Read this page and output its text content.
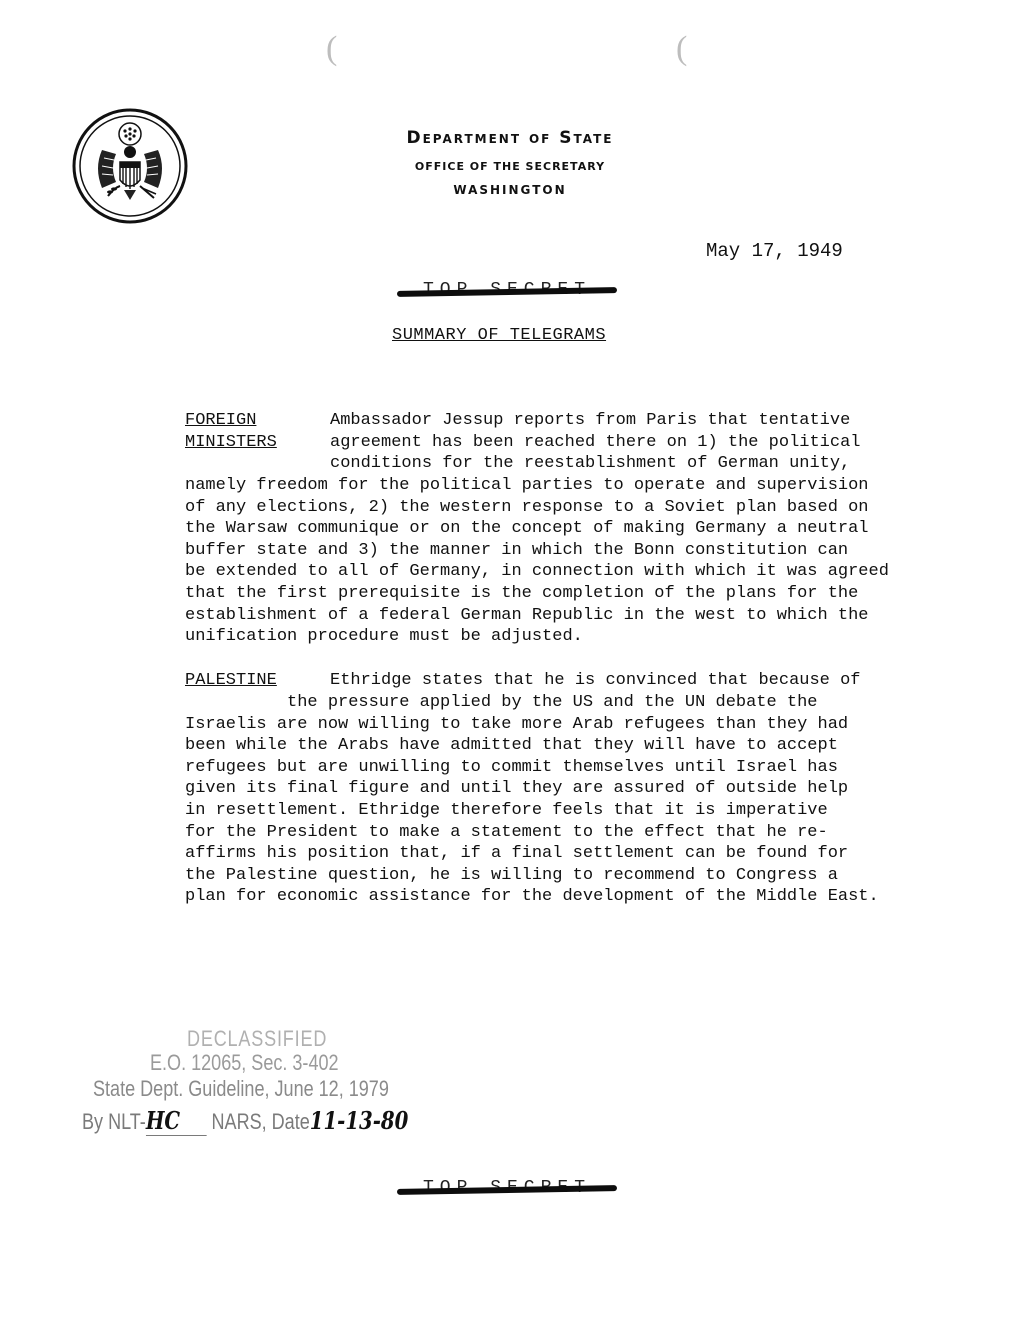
(	(
Department of State
OFFICE OF THE SECRETARY
WASHINGTON
May 17, 1949
SUMMARY OF TELEGRAMS
FOREIGN
MINISTERS
Ambassador Jessup reports from Paris that tentative
agreement has been reached there on 1) the political
conditions for the reestablishment of German unity,
namely freedom for the political parties to operate and supervision
of any elections, 2) the western response to a Soviet plan based on
the Warsaw communique or on the concept of making Germany a neutral
buffer state and 3) the manner in which the Bonn constitution can
be extended to all of Germany, in connection with which it was agreed
that the first prerequisite is the completion of the plans for the
establishment of a federal German Republic in the west to which the
unification procedure must be adjusted.
PALESTINE	Ethridge states that he is convinced that because of
the pressure applied by the US and the UN debate the
Israelis are now willing to take more Arab refugees than they had
been while the Arabs have admitted that they will have to accept
refugees but are unwilling to commit themselves until Israel has
given its final figure and until they are assured of outside help
in resettlement. Ethridge therefore feels that it is imperative
for the President to make a statement to the effect that he re-
affirms his position that, if a final settlement can be found for
the Palestine question, he is willing to recommend to Congress a
plan for economic assistance for the development of the Middle East.
DECLASSIFIED
E.O. 12065, Sec. 3-402
State Dept. Guideline, June 12, 1979
By NLT-HC NARS, Date11-13-80
